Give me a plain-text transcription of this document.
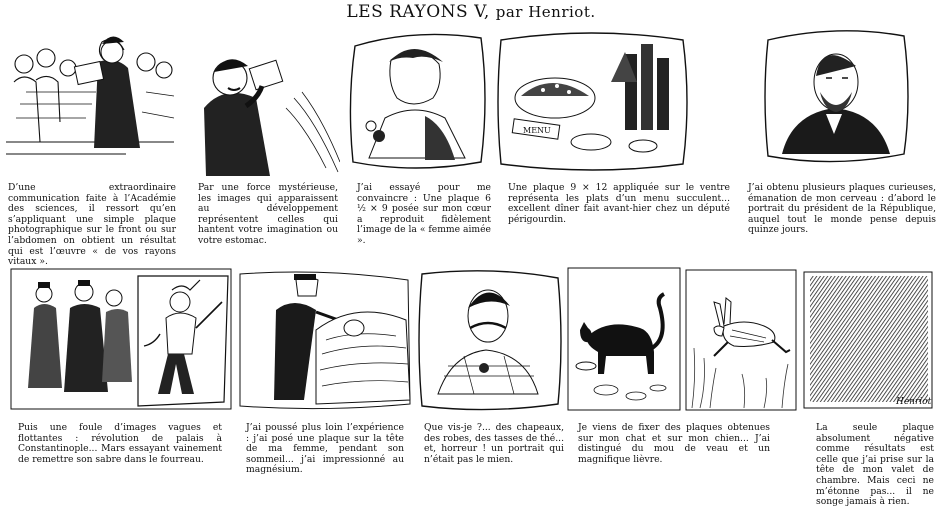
LES RAYONS V, par Henriot.
D’une extraordinaire communication faite à l’Académie des sciences, il ressort qu’en s’appliquant une simple plaque photographique sur le front ou sur l’abdomen on obtient un résultat qui est l’œuvre « de vos rayons vitaux ».
Par une force mystérieuse, les images qui apparaissent au développement représentent celles qui hantent votre imagination ou votre estomac.
J’ai essayé pour me convaincre : Une plaque 6 ½ × 9 posée sur mon cœur a reproduit fidèlement l’image de la « femme aimée ».
MENU
Une plaque 9 × 12 appliquée sur le ventre représenta les plats d’un menu succulent... excellent dîner fait avant-hier chez un député périgourdin.
J’ai obtenu plusieurs plaques curieuses, émanation de mon cerveau : d’abord le portrait du président de la République, auquel tout le monde pense depuis quinze jours.
Puis une foule d’images vagues et flottantes : révolution de palais à Constantinople... Mars essayant vainement de remettre son sabre dans le fourreau.
J’ai poussé plus loin l’expérience : j’ai posé une plaque sur la tête de ma femme, pendant son sommeil... j’ai impressionné au magnésium.
Que vis-je ?... des chapeaux, des robes, des tasses de thé... et, horreur ! un portrait qui n’était pas le mien.
Je viens de fixer des plaques obtenues sur mon chat et sur mon chien... J’ai distingué du mou de veau et un magnifique lièvre.
Henriot
La seule plaque absolument négative comme résultats est celle que j’ai prise sur la tête de mon valet de chambre. Mais ceci ne m’étonne pas... il ne songe jamais à rien.
